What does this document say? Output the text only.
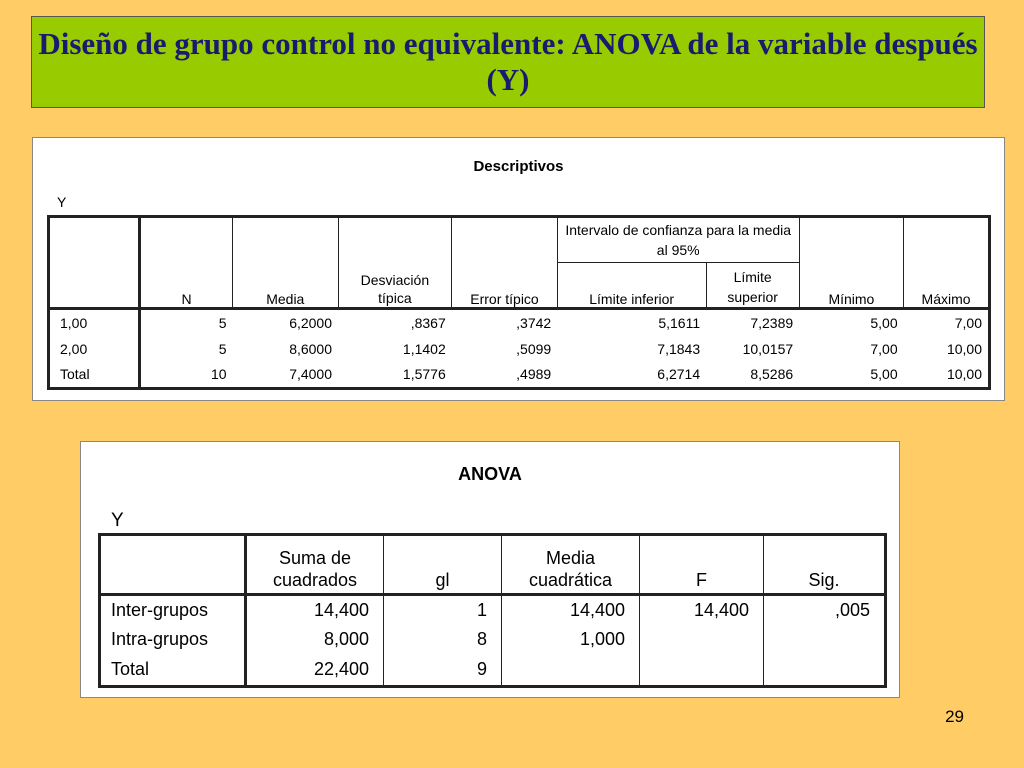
Diseño de grupo control no equivalente: ANOVA de la variable después (Y)
Descriptivos
Y
	N	Media	Desviación típica	Error típico	Intervalo de confianza para la media al 95%		Mínimo	Máximo
					Límite inferior	Límite superior		
1,00	5	6,2000	,8367	,3742	5,1611	7,2389	5,00	7,00
2,00	5	8,6000	1,1402	,5099	7,1843	10,0157	7,00	10,00
Total	10	7,4000	1,5776	,4989	6,2714	8,5286	5,00	10,00
ANOVA
Y
	Suma de cuadrados	gl	Media cuadrática	F	Sig.
Inter-grupos	14,400	1	14,400	14,400	,005
Intra-grupos	8,000	8	1,000		
Total	22,400	9			
29
